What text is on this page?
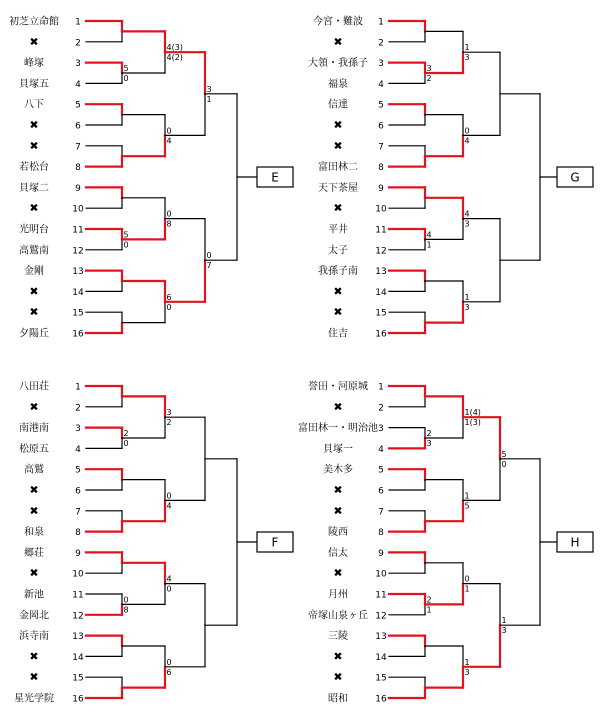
初芝立命館 1
✖	2
峰塚	3
貝塚五	4
八下	5
✖	6
✖	7
若松台	8
貝塚二	9
✖	10
光明台	11
高鷲南	12
金剛	13
✖	14
✖	15
夕陽丘	16
5
0
5
0
4(3)
4(2)
0
4
0
8
6
0
3
1
0
7
E
今宮・難波 1
✖	2
大領・我孫子 3
福泉	4
信達	5
✖	6
✖	7
富田林二 8
天下茶屋 9
✖	10
平井	11
太子	12
我孫子南 13
✖	14
✖	15
住吉	16
3
2
4
1
1
3
0
4
4
3
1
3
G
八田荘	1
✖	2
南港南	3
松原五	4
高鷲	5
✖	6
✖	7
和泉	8
郷荘	9
✖	10
新池	11
金岡北	12
浜寺南	13
✖	14
✖	15
星光学院 16
2
0
0
8
3
2
0
4
4
0
0
6
F
誉田・河原城 1
✖	2
富田林一・明治池 3
貝塚一	4
美木多	5
✖	6
✖	7
陵西	8
信太	9
✖	10
月州	11
帝塚山泉ヶ丘 12
三陵	13
✖	14
✖	15
昭和	16
2
3
2
1
1(4)
1(3)
1
5
0
1
1
3
5
0
1
3
H
